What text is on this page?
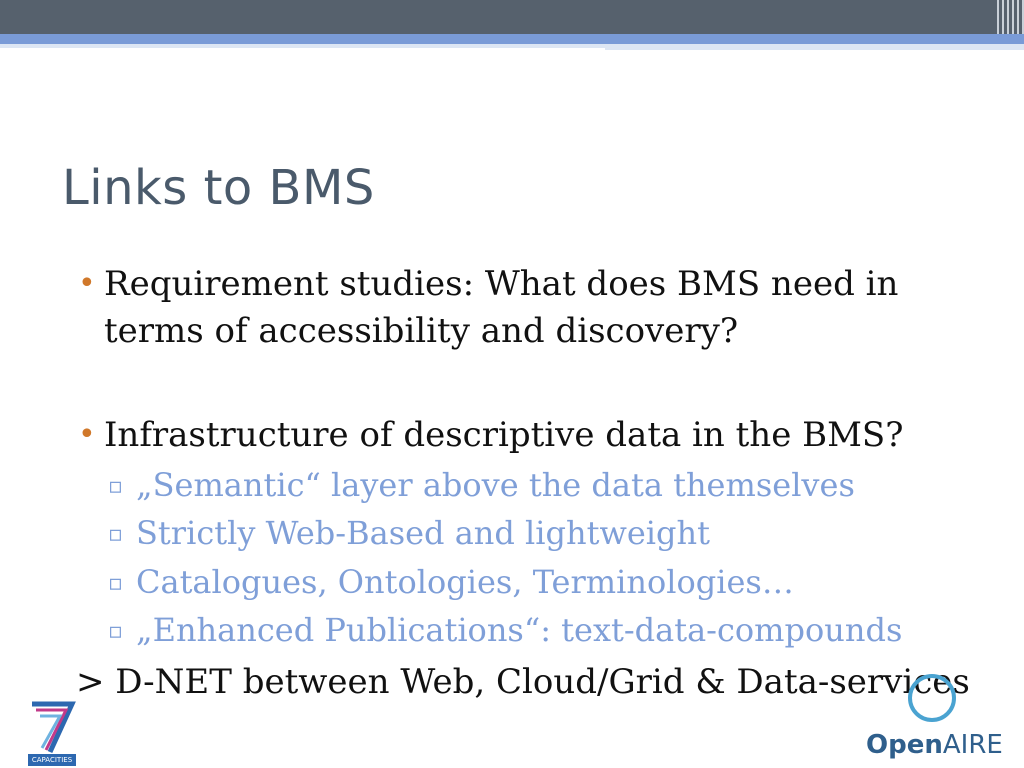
Links to BMS
• Requirement studies: What does BMS need in
terms of accessibility and discovery?
• Infrastructure of descriptive data in the BMS?
▫ „Semantic“ layer above the data themselves
▫ Strictly Web-Based and lightweight
▫ Catalogues, Ontologies, Terminologies…
▫ „Enhanced Publications“: text-data-compounds
> D-NET between Web, Cloud/Grid & Data-services
CAPACITIES	OpenAIRE
